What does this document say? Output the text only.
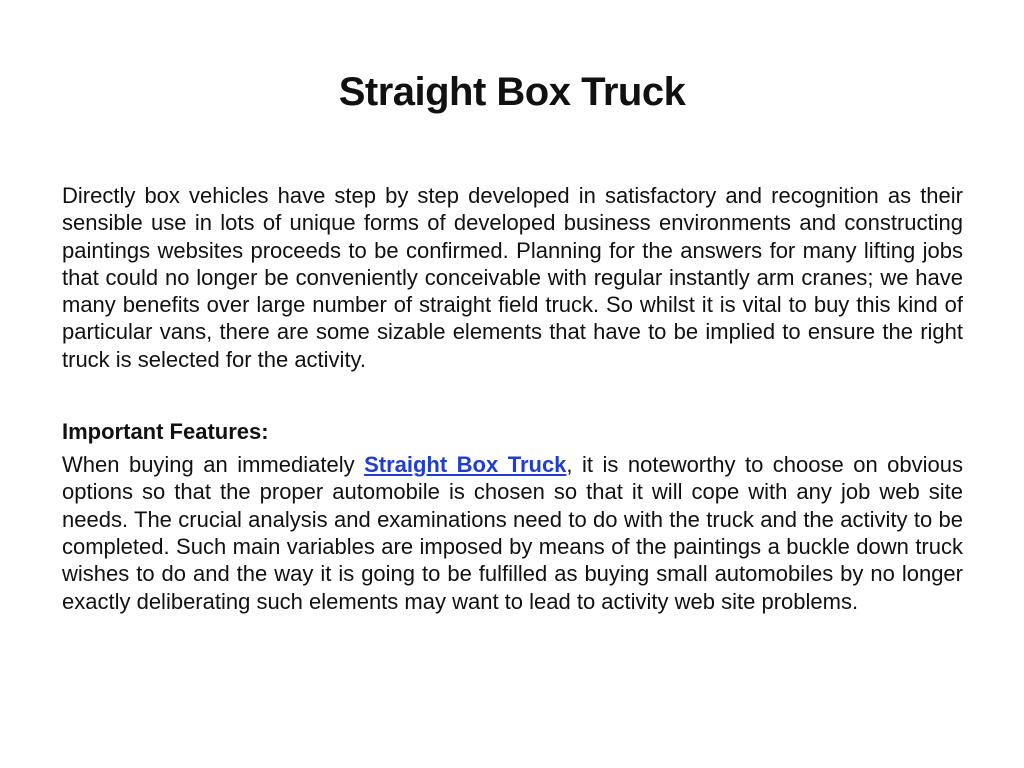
Straight Box Truck

Directly box vehicles have step by step developed in satisfactory and recognition as their sensible use in lots of unique forms of developed business environments and constructing paintings websites proceeds to be confirmed. Planning for the answers for many lifting jobs that could no longer be conveniently conceivable with regular instantly arm cranes; we have many benefits over large number of straight field truck. So whilst it is vital to buy this kind of particular vans, there are some sizable elements that have to be implied to ensure the right truck is selected for the activity.

Important Features:

When buying an immediately Straight Box Truck, it is noteworthy to choose on obvious options so that the proper automobile is chosen so that it will cope with any job web site needs. The crucial analysis and examinations need to do with the truck and the activity to be completed. Such main variables are imposed by means of the paintings a buckle down truck wishes to do and the way it is going to be fulfilled as buying small automobiles by no longer exactly deliberating such elements may want to lead to activity web site problems.
